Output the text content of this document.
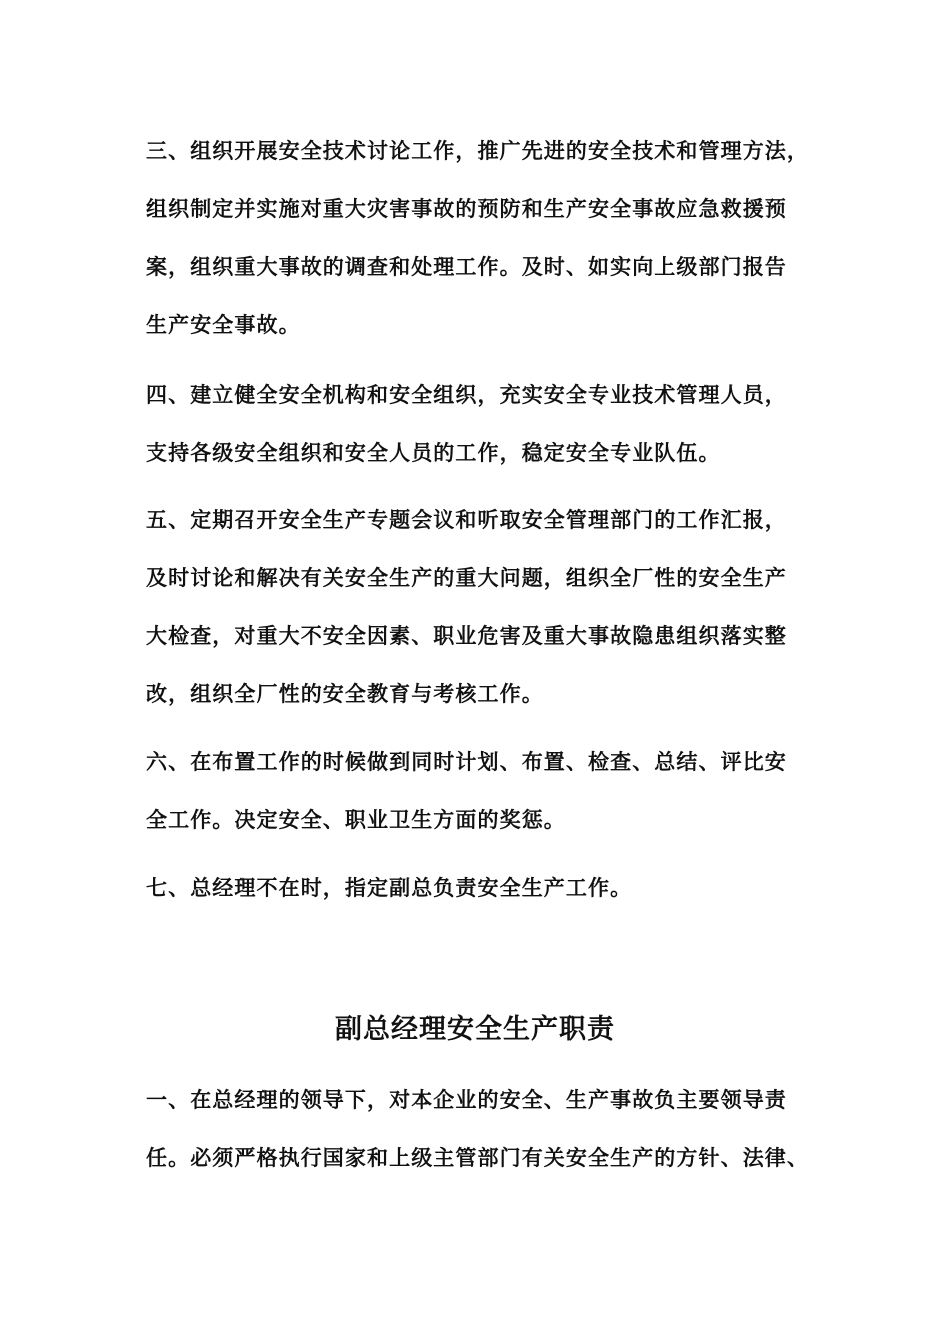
三、组织开展安全技术讨论工作，推广先进的安全技术和管理方法，
组织制定并实施对重大灾害事故的预防和生产安全事故应急救援预
案，组织重大事故的调查和处理工作。及时、如实向上级部门报告
生产安全事故。

四、建立健全安全机构和安全组织，充实安全专业技术管理人员，
支持各级安全组织和安全人员的工作，稳定安全专业队伍。

五、定期召开安全生产专题会议和听取安全管理部门的工作汇报，
及时讨论和解决有关安全生产的重大问题，组织全厂性的安全生产
大检查，对重大不安全因素、职业危害及重大事故隐患组织落实整
改，组织全厂性的安全教育与考核工作。

六、在布置工作的时候做到同时计划、布置、检查、总结、评比安
全工作。决定安全、职业卫生方面的奖惩。

七、总经理不在时，指定副总负责安全生产工作。

副总经理安全生产职责

一、在总经理的领导下，对本企业的安全、生产事故负主要领导责
任。必须严格执行国家和上级主管部门有关安全生产的方针、法律、
